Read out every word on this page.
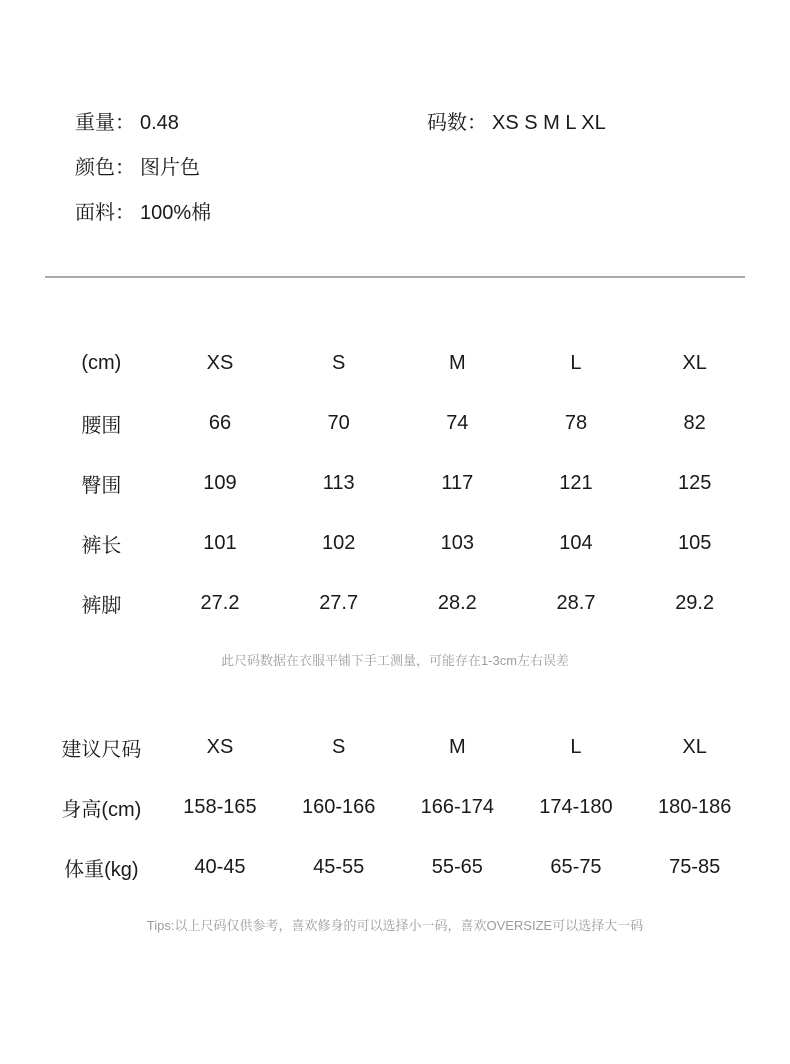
重量： 0.48	码数： XS S M L XL
颜色： 图片色
面料： 100%棉
(cm)	XS	S	M	L	XL
腰围	66	70	74	78	82
臀围	109	113	117	121	125
裤长	101	102	103	104	105
裤脚	27.2	27.7	28.2	28.7	29.2
此尺码数据在衣服平铺下手工测量，可能存在1-3cm左右误差
建议尺码	XS	S	M	L	XL
身高(cm)	158-165	160-166	166-174	174-180	180-186
体重(kg)	40-45	45-55	55-65	65-75	75-85
Tips:以上尺码仅供参考，喜欢修身的可以选择小一码，喜欢OVERSIZE可以选择大一码
